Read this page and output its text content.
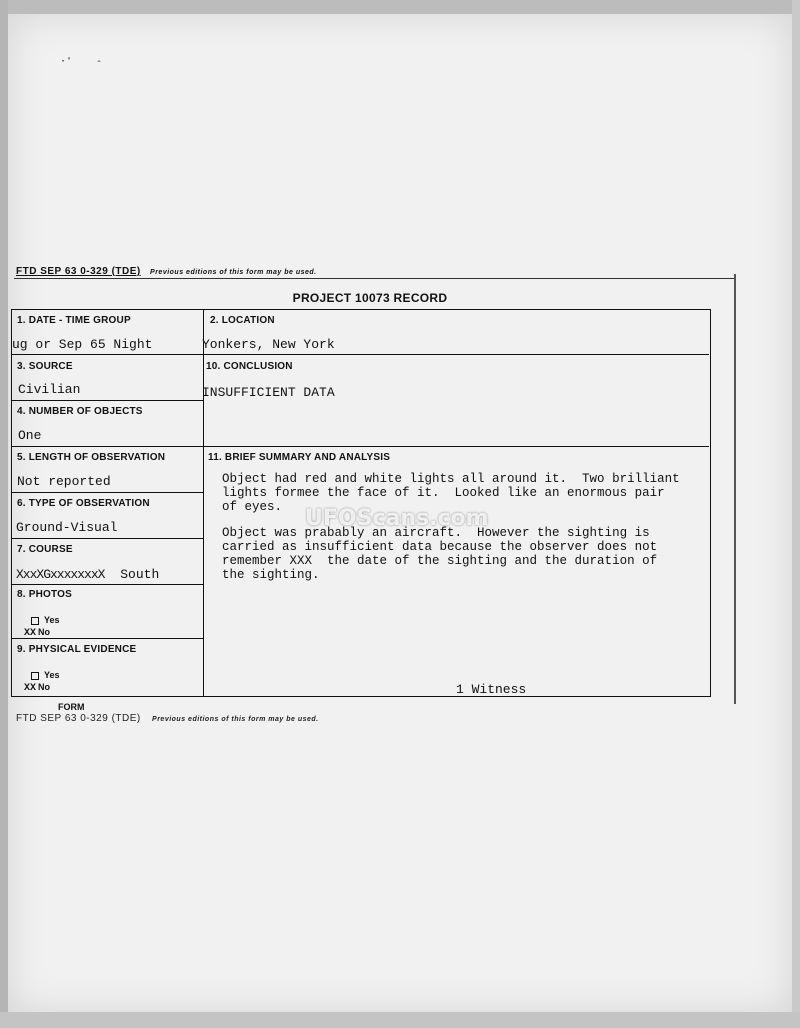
·' -
FTD SEP 63 0-329 (TDE) Previous editions of this form may be used.
PROJECT 10073 RECORD
1. DATE - TIME GROUP
ug or Sep 65 Night
2. LOCATION
Yonkers, New York
3. SOURCE
Civilian
10. CONCLUSION
INSUFFICIENT DATA
4. NUMBER OF OBJECTS
One
5. LENGTH OF OBSERVATION
Not reported
6. TYPE OF OBSERVATION
Ground-Visual
7. COURSE
XxxXGxxxxxxxX South
8. PHOTOS
Yes
XX No
9. PHYSICAL EVIDENCE
Yes
XX No
11. BRIEF SUMMARY AND ANALYSIS

Object had red and white lights all around it.  Two brilliant
lights formee the face of it.  Looked like an enormous pair
of eyes.

Object was prabably an aircraft.  However the sighting is
carried as insufficient data because the observer does not
remember XXX  the date of the sighting and the duration of
the sighting.

1 Witness
UFOScans.com
FORM
FTD SEP 63 0-329 (TDE) Previous editions of this form may be used.
